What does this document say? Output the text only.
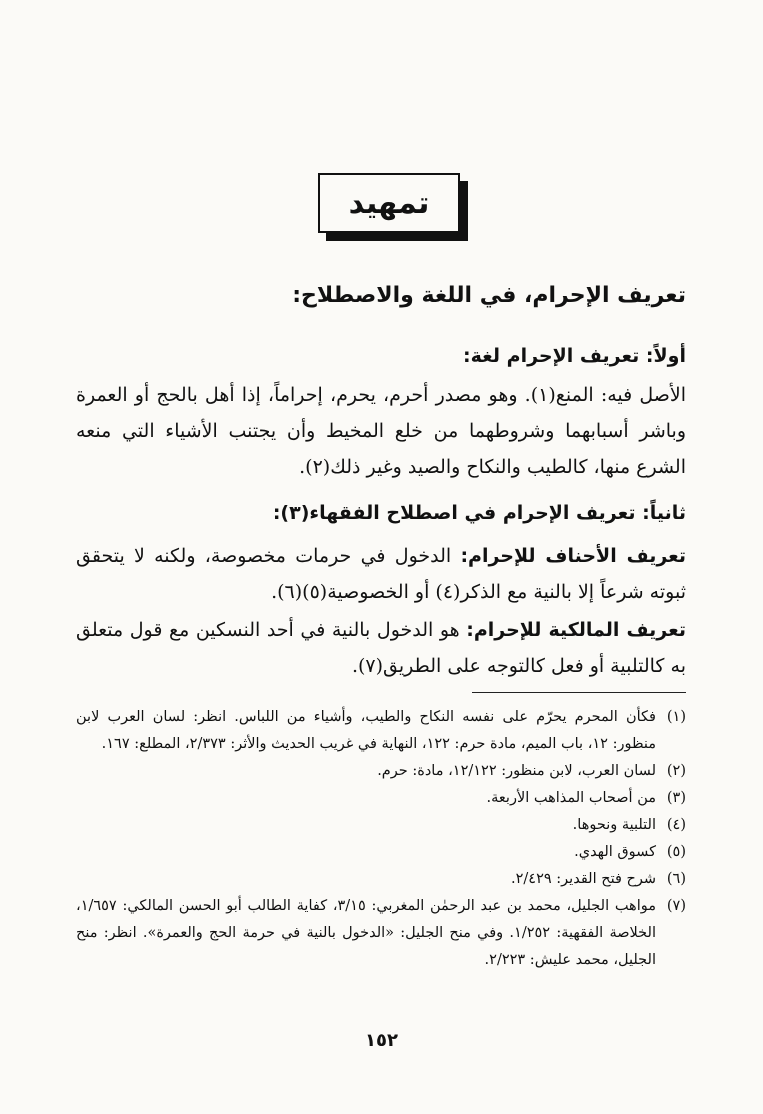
تمهيد
تعريف الإحرام، في اللغة والاصطلاح:
أولاً: تعريف الإحرام لغة:
الأصل فيه: المنع(١). وهو مصدر أحرم، يحرم، إحراماً، إذا أهل بالحج أو العمرة وباشر أسبابهما وشروطهما من خلع المخيط وأن يجتنب الأشياء التي منعه الشرع منها، كالطيب والنكاح والصيد وغير ذلك(٢).
ثانياً: تعريف الإحرام في اصطلاح الفقهاء(٣):
تعريف الأحناف للإحرام: الدخول في حرمات مخصوصة، ولكنه لا يتحقق ثبوته شرعاً إلا بالنية مع الذكر(٤) أو الخصوصية(٥)(٦).
تعريف المالكية للإحرام: هو الدخول بالنية في أحد النسكين مع قول متعلق به كالتلبية أو فعل كالتوجه على الطريق(٧).
(١)
فكأن المحرم يحرّم على نفسه النكاح والطيب، وأشياء من اللباس. انظر: لسان العرب لابن منظور: ١٢، باب الميم، مادة حرم: ١٢٢، النهاية في غريب الحديث والأثر: ٢/٣٧٣، المطلع: ١٦٧.
(٢)
لسان العرب، لابن منظور: ١٢/١٢٢، مادة: حرم.
(٣)
من أصحاب المذاهب الأربعة.
(٤)
التلبية ونحوها.
(٥)
كسوق الهدي.
(٦)
شرح فتح القدير: ٢/٤٢٩.
(٧)
مواهب الجليل، محمد بن عبد الرحمٰن المغربي: ٣/١٥، كفاية الطالب أبو الحسن المالكي: ١/٦٥٧، الخلاصة الفقهية: ١/٢٥٢. وفي منح الجليل: «الدخول بالنية في حرمة الحج والعمرة». انظر: منح الجليل، محمد عليش: ٢/٢٢٣.
١٥٢
